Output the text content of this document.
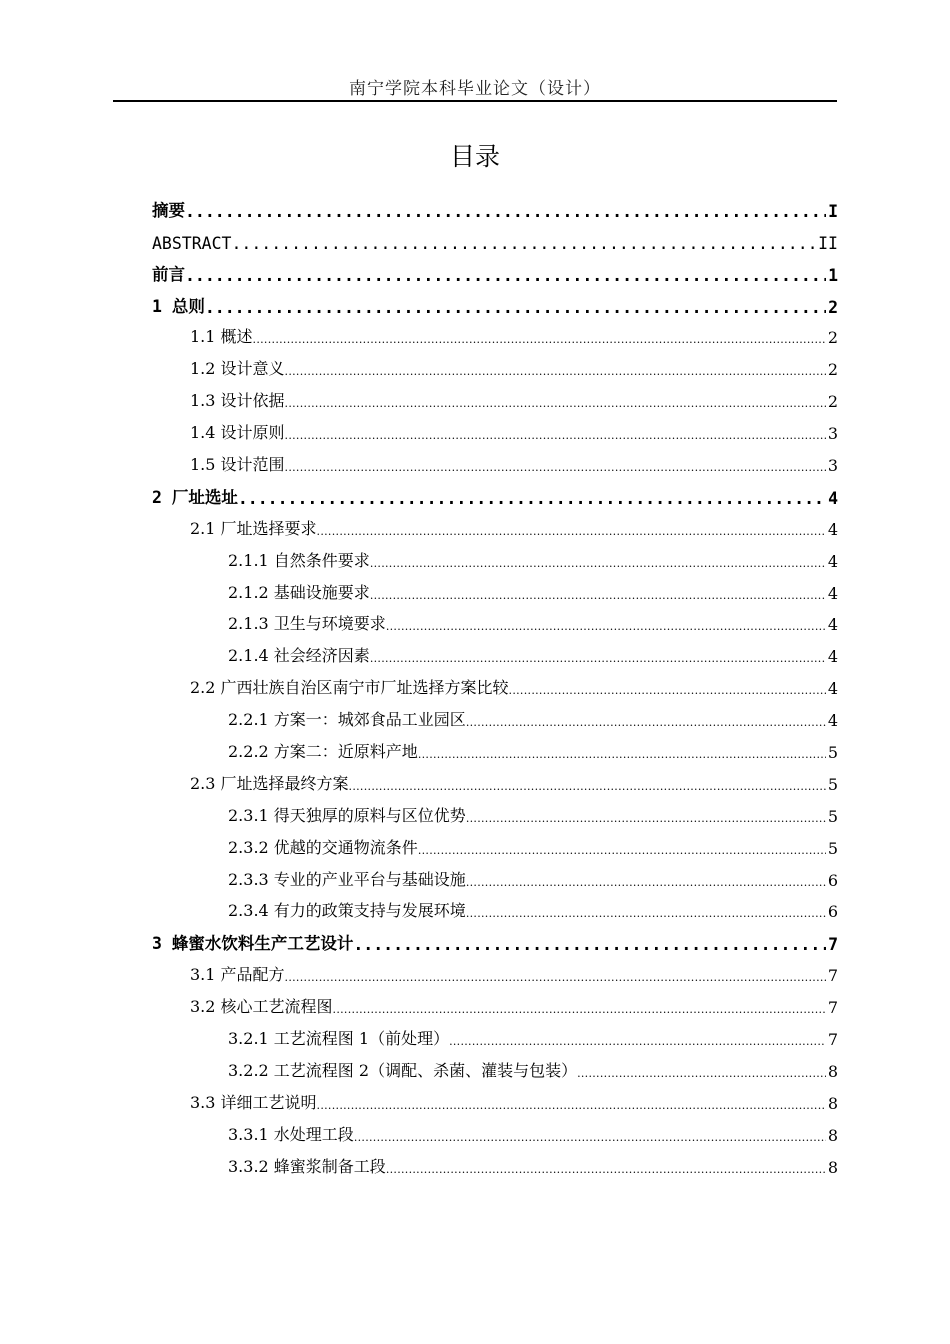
南宁学院本科毕业论文（设计）
目录
摘要 .....	I
ABSTRACT .....	II
前言 .....	1
1 总则 .....	2
1.1 概述 .....	2
1.2 设计意义 .....	2
1.3 设计依据 .....	2
1.4 设计原则 .....	3
1.5 设计范围 .....	3
2 厂址选址 .....	4
2.1 厂址选择要求 .....	4
2.1.1 自然条件要求 .....	4
2.1.2 基础设施要求 .....	4
2.1.3 卫生与环境要求 .....	4
2.1.4 社会经济因素 .....	4
2.2 广西壮族自治区南宁市厂址选择方案比较 .....	4
2.2.1 方案一：城郊食品工业园区 .....	4
2.2.2 方案二：近原料产地 .....	5
2.3 厂址选择最终方案 .....	5
2.3.1 得天独厚的原料与区位优势 .....	5
2.3.2 优越的交通物流条件 .....	5
2.3.3 专业的产业平台与基础设施 .....	6
2.3.4 有力的政策支持与发展环境 .....	6
3 蜂蜜水饮料生产工艺设计 .....	7
3.1 产品配方 .....	7
3.2 核心工艺流程图 .....	7
3.2.1 工艺流程图 1（前处理） .....	7
3.2.2 工艺流程图 2（调配、杀菌、灌装与包装） .....	8
3.3 详细工艺说明 .....	8
3.3.1 水处理工段 .....	8
3.3.2 蜂蜜浆制备工段 .....	8
